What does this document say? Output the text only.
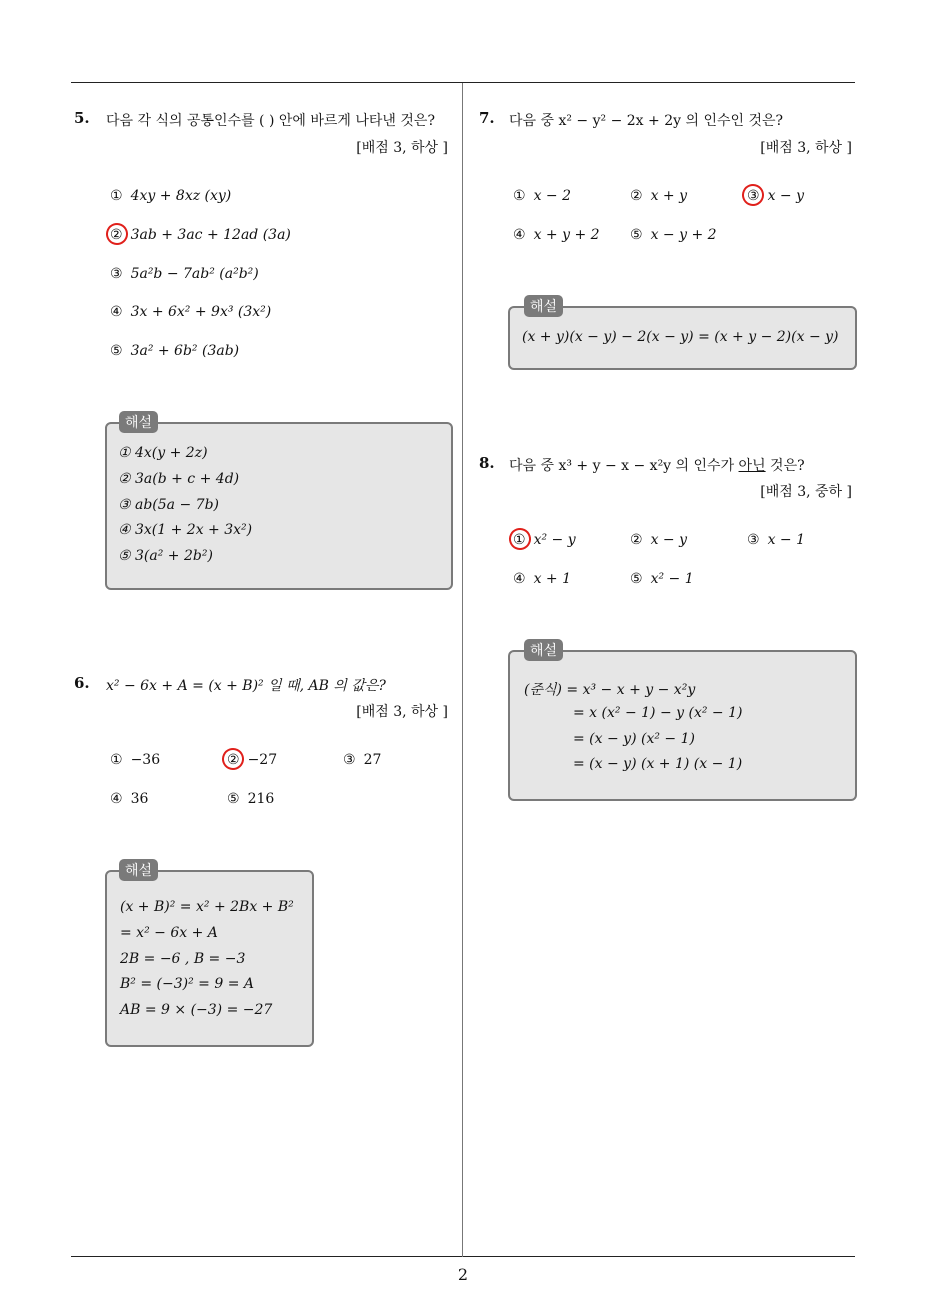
5. 다음 각 식의 공통인수를 ( ) 안에 바르게 나타낸 것은?
[배점 3, 하상 ]
① 4xy + 8xz (xy)
② 3ab + 3ac + 12ad (3a)
③ 5a²b − 7ab² (a²b²)
④ 3x + 6x² + 9x³ (3x²)
⑤ 3a² + 6b² (3ab)
해설
① 4x(y + 2z)
② 3a(b + c + 4d)
③ ab(5a − 7b)
④ 3x(1 + 2x + 3x²)
⑤ 3(a² + 2b²)
6. x² − 6x + A = (x + B)² 일 때, AB 의 값은?
[배점 3, 하상 ]
① −36	② −27	③ 27
④ 36	⑤ 216
해설
(x + B)² = x² + 2Bx + B²
= x² − 6x + A
2B = −6 , B = −3
B² = (−3)² = 9 = A
AB = 9 × (−3) = −27
7. 다음 중 x² − y² − 2x + 2y 의 인수인 것은?
[배점 3, 하상 ]
① x − 2	② x + y	③ x − y
④ x + y + 2 ⑤ x − y + 2
해설
(x + y)(x − y) − 2(x − y) = (x + y − 2)(x − y)
8. 다음 중 x³ + y − x − x²y 의 인수가 아닌 것은?
[배점 3, 중하 ]
① x² − y	② x − y	③ x − 1
④ x + 1	⑤ x² − 1
해설
(준식) = x³ − x + y − x²y
= x (x² − 1) − y (x² − 1)
= (x − y) (x² − 1)
= (x − y) (x + 1) (x − 1)
2
